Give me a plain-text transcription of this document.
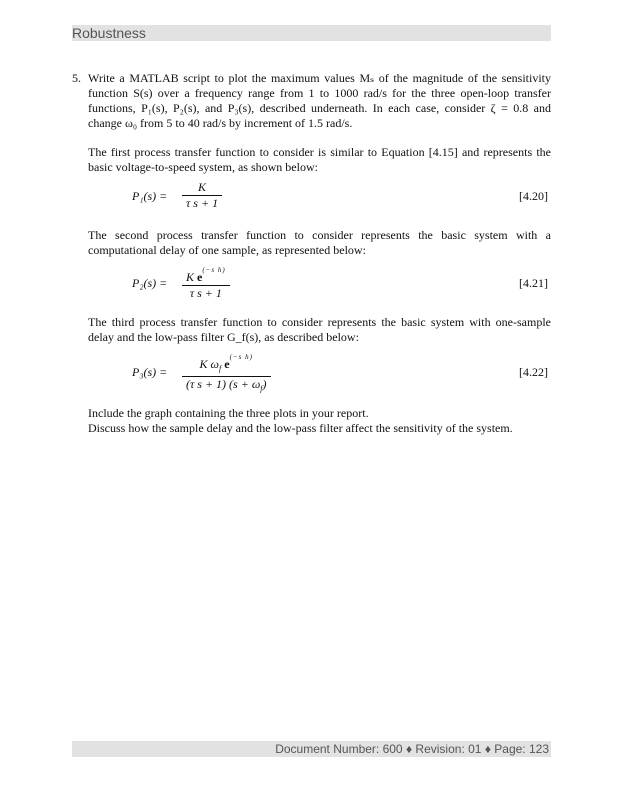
Robustness
5. Write a MATLAB script to plot the maximum values Mₛ of the magnitude of the sensitivity function S(s) over a frequency range from 1 to 1000 rad/s for the three open-loop transfer functions, P₁(s), P₂(s), and P₃(s), described underneath. In each case, consider ζ = 0.8 and change ω₀ from 5 to 40 rad/s by increment of 1.5 rad/s.

The first process transfer function to consider is similar to Equation [4.15] and represents the basic voltage-to-speed system, as shown below:

$P_1(s) = \frac{K}{\text{τ s + 1}}$	[4.20]

The second process transfer function to consider represents the basic system with a computational delay of one sample, as represented below:

$P_2(s) = \frac{K e^{(-s h)}}{\text{τ s + 1}}$	[4.21]

The third process transfer function to consider represents the basic system with one-sample delay and the low-pass filter G_f(s), as described below:

$P_3(s) = \frac{K \omega_f e^{(-s h)}}{(\tau s + 1) (s + \omega_f)}$	[4.22]
Include the graph containing the three plots in your report.
Discuss how the sample delay and the low-pass filter affect the sensitivity of the system.
Document Number: 600 ♦ Revision: 01 ♦ Page: 123
